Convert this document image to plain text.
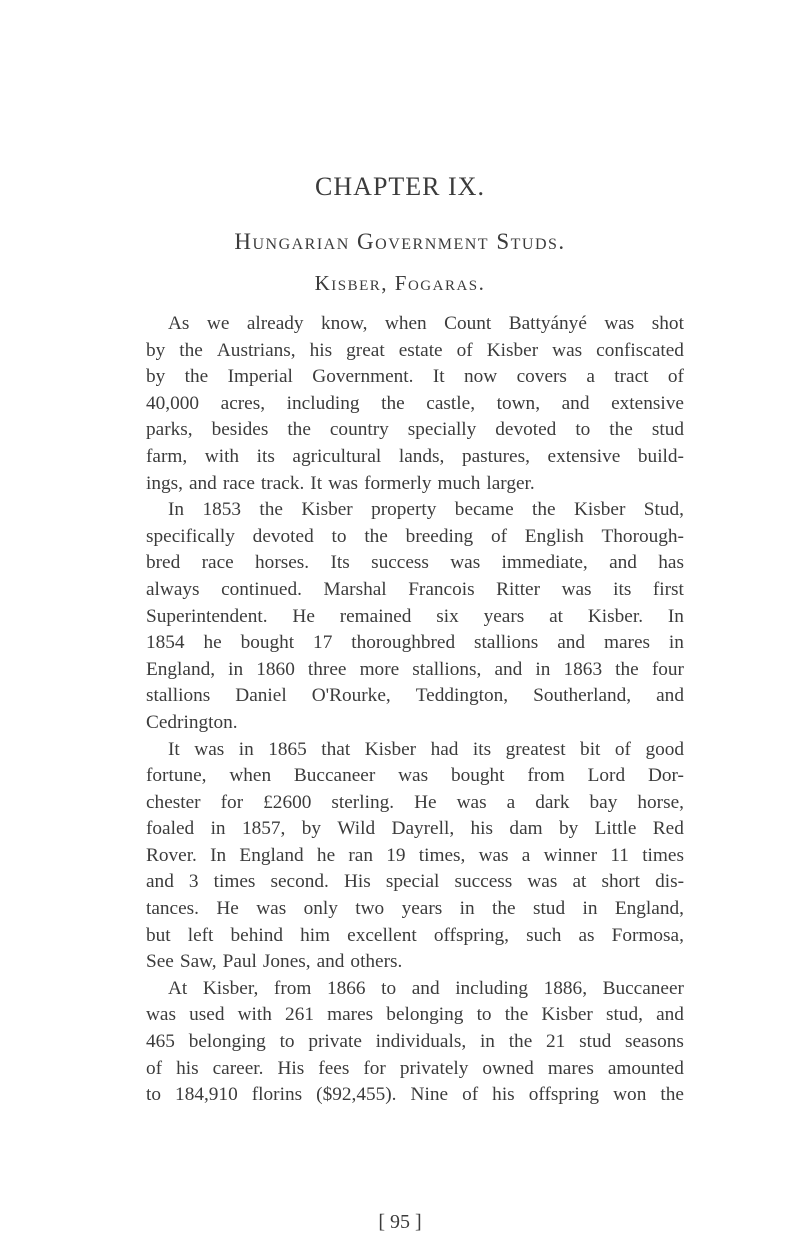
CHAPTER IX.
Hungarian Government Studs.
Kisber, Fogaras.
As we already know, when Count Battyányé was shot
by the Austrians, his great estate of Kisber was confiscated
by the Imperial Government. It now covers a tract of
40,000 acres, including the castle, town, and extensive
parks, besides the country specially devoted to the stud
farm, with its agricultural lands, pastures, extensive build-
ings, and race track. It was formerly much larger.
In 1853 the Kisber property became the Kisber Stud,
specifically devoted to the breeding of English Thorough-
bred race horses. Its success was immediate, and has
always continued. Marshal Francois Ritter was its first
Superintendent. He remained six years at Kisber. In
1854 he bought 17 thoroughbred stallions and mares in
England, in 1860 three more stallions, and in 1863 the four
stallions Daniel O'Rourke, Teddington, Southerland, and
Cedrington.
It was in 1865 that Kisber had its greatest bit of good
fortune, when Buccaneer was bought from Lord Dor-
chester for £2600 sterling. He was a dark bay horse,
foaled in 1857, by Wild Dayrell, his dam by Little Red
Rover. In England he ran 19 times, was a winner 11 times
and 3 times second. His special success was at short dis-
tances. He was only two years in the stud in England,
but left behind him excellent offspring, such as Formosa,
See Saw, Paul Jones, and others.
At Kisber, from 1866 to and including 1886, Buccaneer
was used with 261 mares belonging to the Kisber stud, and
465 belonging to private individuals, in the 21 stud seasons
of his career. His fees for privately owned mares amounted
to 184,910 florins ($92,455). Nine of his offspring won the
[ 95 ]
